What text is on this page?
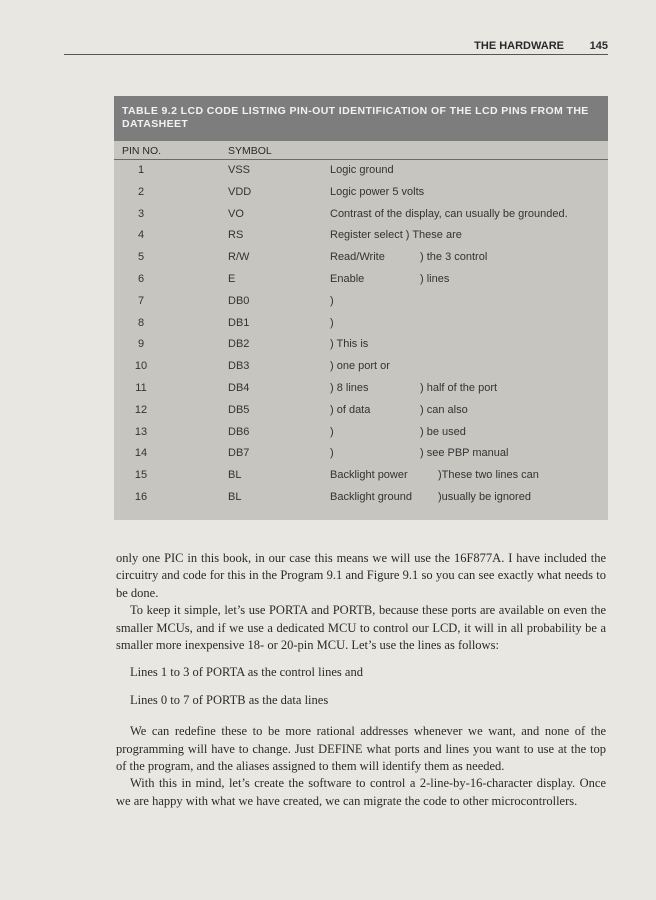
THE HARDWARE 145
TABLE 9.2 LCD CODE LISTING PIN-OUT IDENTIFICATION OF THE LCD PINS FROM THE DATASHEET
PIN NO.	SYMBOL
1	VSS	Logic ground
2	VDD	Logic power 5 volts
3	VO	Contrast of the display, can usually be grounded.
4	RS	Register select ) These are
5	R/W	Read/Write	) the 3 control
6	E	Enable	) lines
7	DB0	)
8	DB1	)
9	DB2	) This is
10	DB3	) one port or
11	DB4	) 8 lines	) half of the port
12	DB5	) of data	) can also
13	DB6	)	) be used
14	DB7	)	) see PBP manual
15	BL	Backlight power	)These two lines can
16	BL	Backlight ground )usually be ignored

only one PIC in this book, in our case this means we will use the 16F877A. I have included the circuitry and code for this in the Program 9.1 and Figure 9.1 so you can see exactly what needs to be done.

To keep it simple, let’s use PORTA and PORTB, because these ports are available on even the smaller MCUs, and if we use a dedicated MCU to control our LCD, it will in all probability be a smaller more inexpensive 18- or 20-pin MCU. Let’s use the lines as follows:

Lines 1 to 3 of PORTA as the control lines and

Lines 0 to 7 of PORTB as the data lines

We can redefine these to be more rational addresses whenever we want, and none of the programming will have to change. Just DEFINE what ports and lines you want to use at the top of the program, and the aliases assigned to them will identify them as needed.

With this in mind, let’s create the software to control a 2-line-by-16-character display. Once we are happy with what we have created, we can migrate the code to other microcontrollers.
